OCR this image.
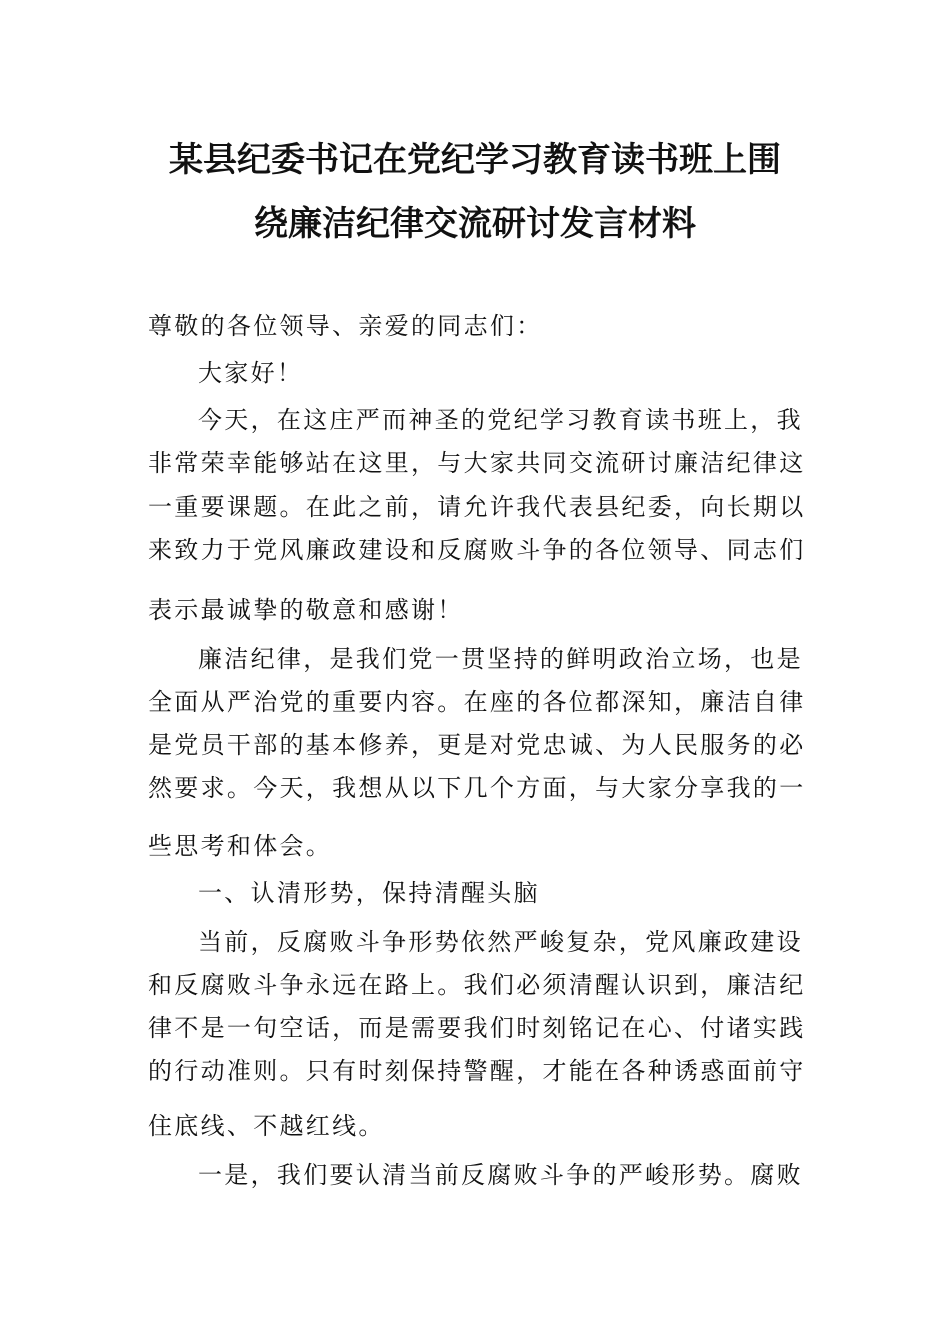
某县纪委书记在党纪学习教育读书班上围
绕廉洁纪律交流研讨发言材料
尊敬的各位领导、亲爱的同志们：
大家好！
今天，在这庄严而神圣的党纪学习教育读书班上，我
非常荣幸能够站在这里，与大家共同交流研讨廉洁纪律这
一重要课题。在此之前，请允许我代表县纪委，向长期以
来致力于党风廉政建设和反腐败斗争的各位领导、同志们
表示最诚挚的敬意和感谢！
廉洁纪律，是我们党一贯坚持的鲜明政治立场，也是
全面从严治党的重要内容。在座的各位都深知，廉洁自律
是党员干部的基本修养，更是对党忠诚、为人民服务的必
然要求。今天，我想从以下几个方面，与大家分享我的一
些思考和体会。
一、认清形势，保持清醒头脑
当前，反腐败斗争形势依然严峻复杂，党风廉政建设
和反腐败斗争永远在路上。我们必须清醒认识到，廉洁纪
律不是一句空话，而是需要我们时刻铭记在心、付诸实践
的行动准则。只有时刻保持警醒，才能在各种诱惑面前守
住底线、不越红线。
一是，我们要认清当前反腐败斗争的严峻形势。腐败
